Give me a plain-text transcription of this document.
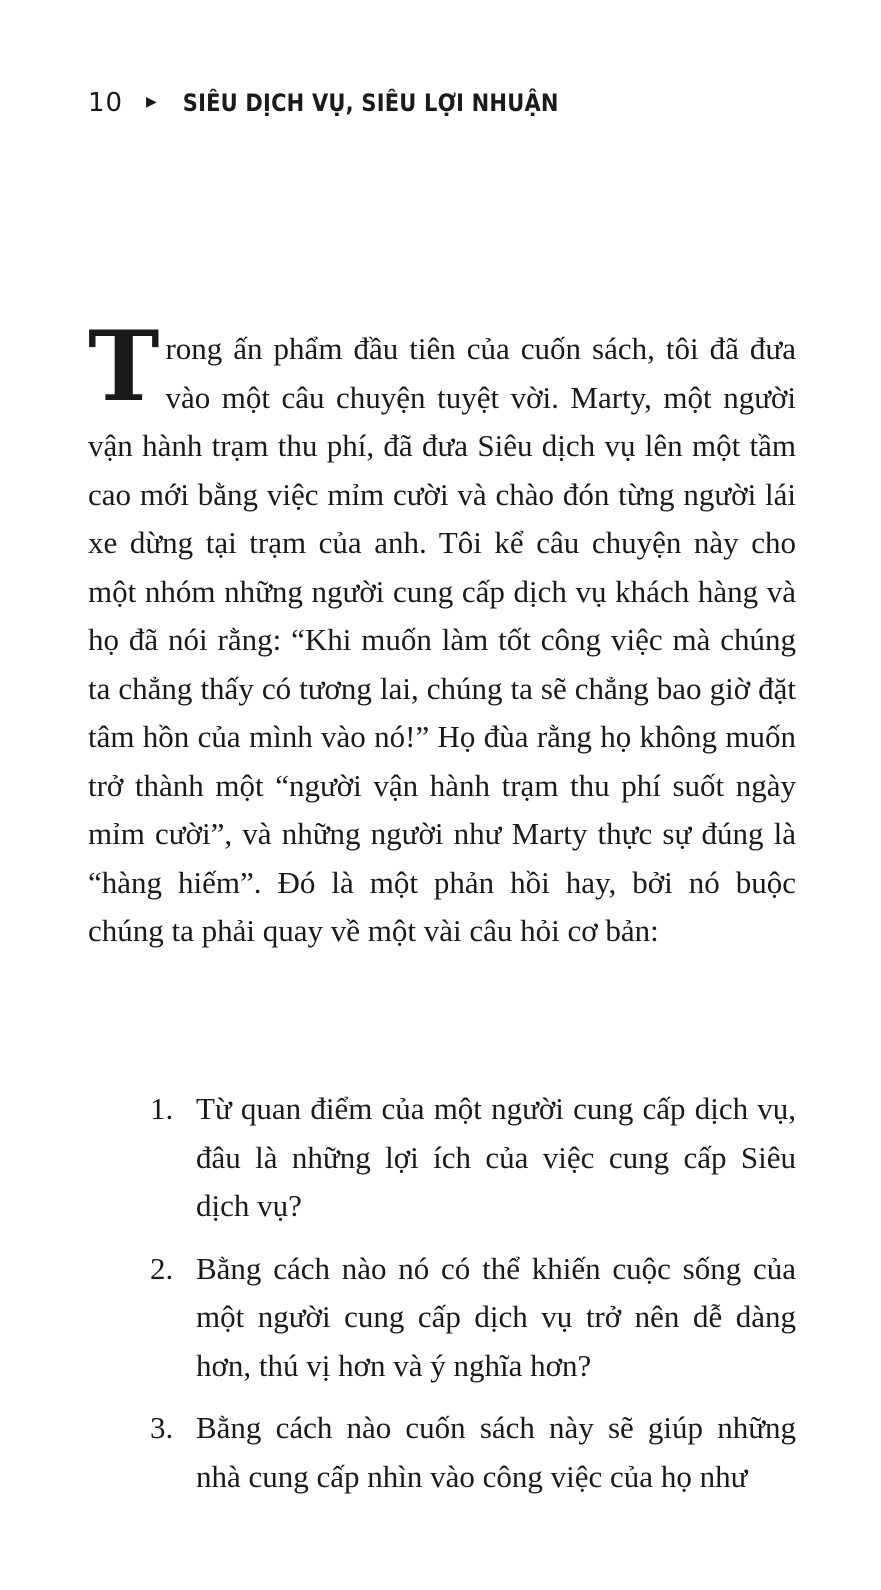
10	▶ SIÊU DỊCH VỤ, SIÊU LỢI NHUẬN
Trong ấn phẩm đầu tiên của cuốn sách, tôi đã đưa vào một câu chuyện tuyệt vời. Marty, một người vận hành trạm thu phí, đã đưa Siêu dịch vụ lên một tầm cao mới bằng việc mỉm cười và chào đón từng người lái xe dừng tại trạm của anh. Tôi kể câu chuyện này cho một nhóm những người cung cấp dịch vụ khách hàng và họ đã nói rằng: “Khi muốn làm tốt công việc mà chúng ta chẳng thấy có tương lai, chúng ta sẽ chẳng bao giờ đặt tâm hồn của mình vào nó!” Họ đùa rằng họ không muốn trở thành một “người vận hành trạm thu phí suốt ngày mỉm cười”, và những người như Marty thực sự đúng là “hàng hiếm”. Đó là một phản hồi hay, bởi nó buộc chúng ta phải quay về một vài câu hỏi cơ bản:
1. Từ quan điểm của một người cung cấp dịch vụ, đâu là những lợi ích của việc cung cấp Siêu dịch vụ?
2. Bằng cách nào nó có thể khiến cuộc sống của một người cung cấp dịch vụ trở nên dễ dàng hơn, thú vị hơn và ý nghĩa hơn?
3. Bằng cách nào cuốn sách này sẽ giúp những nhà cung cấp nhìn vào công việc của họ như
